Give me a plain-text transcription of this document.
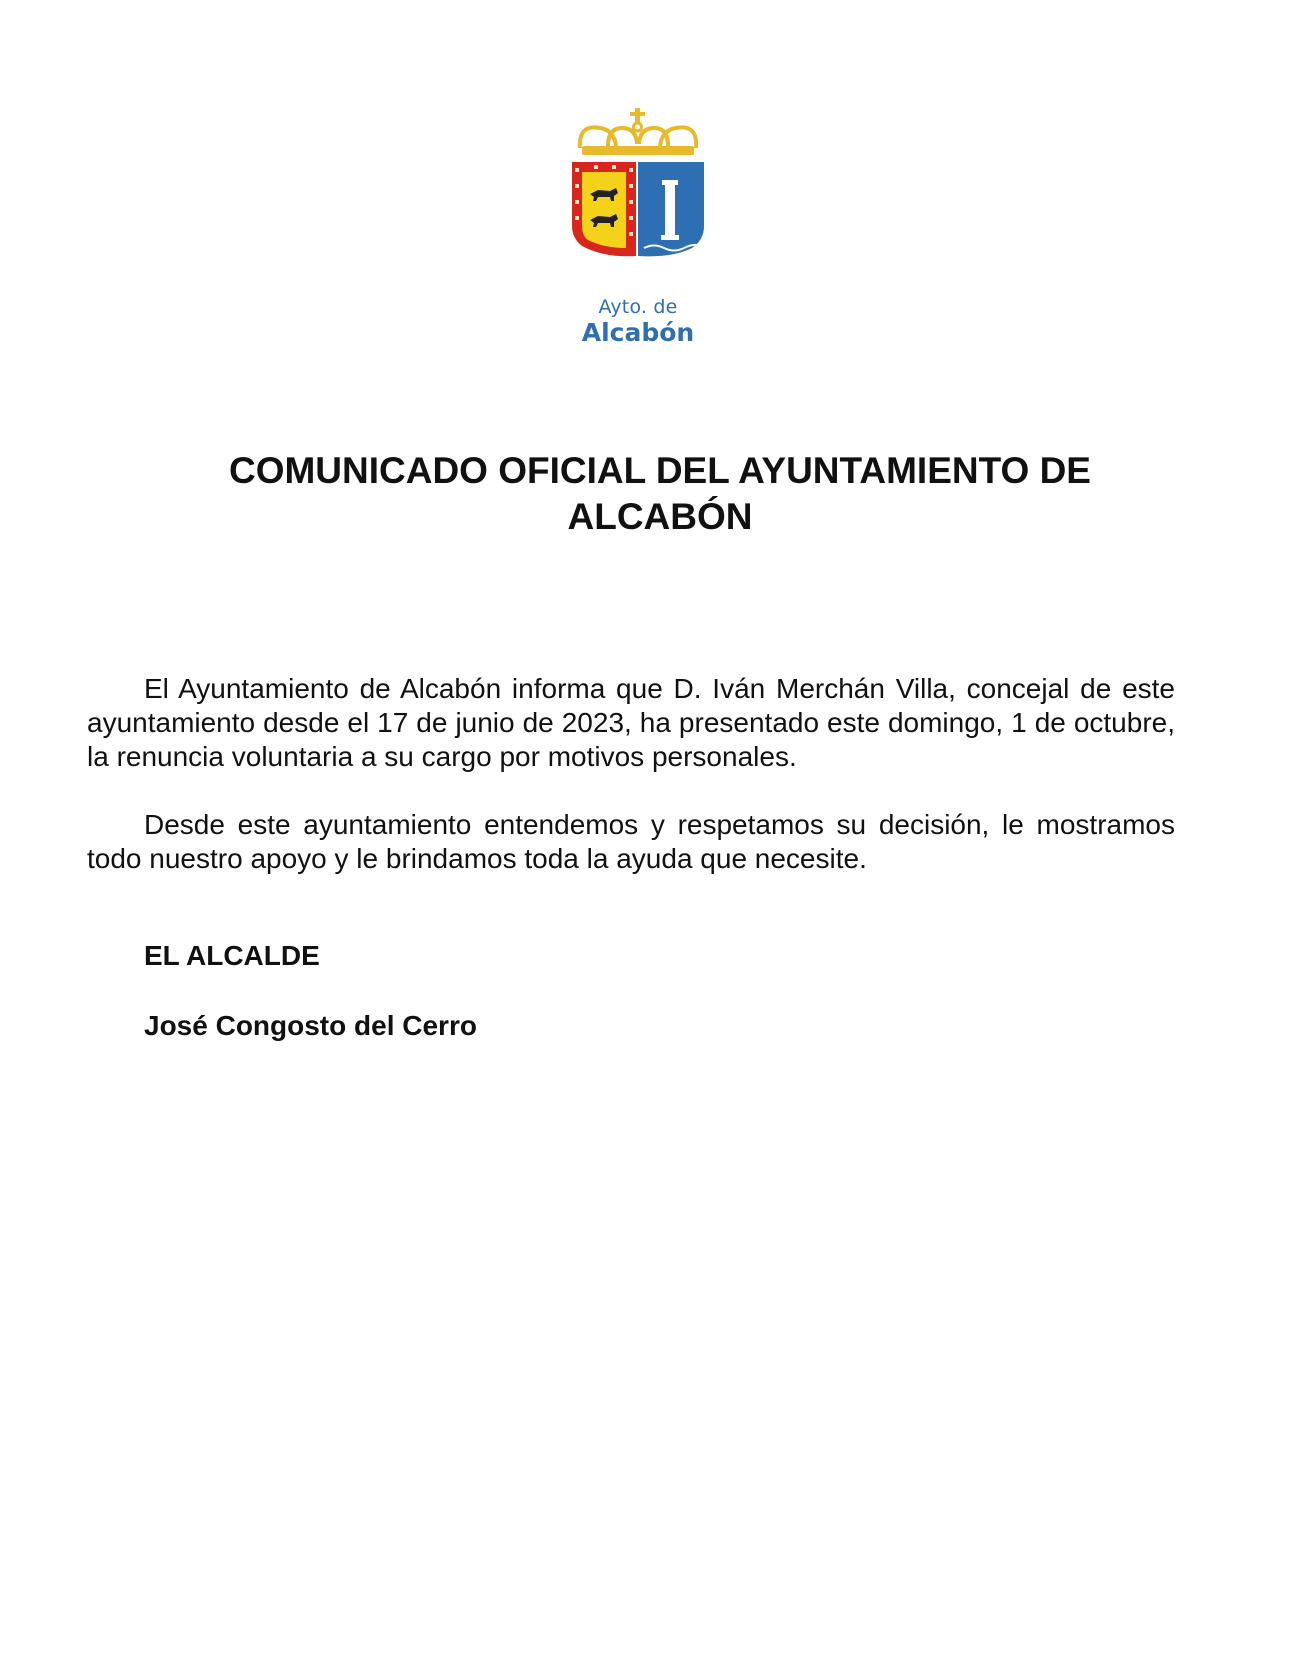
Ayto. de
Alcabón
COMUNICADO OFICIAL DEL AYUNTAMIENTO DE ALCABÓN
El Ayuntamiento de Alcabón informa que D. Iván Merchán Villa, concejal de este ayuntamiento desde el 17 de junio de 2023, ha presentado este domingo, 1 de octubre, la renuncia voluntaria a su cargo por motivos personales.
Desde este ayuntamiento entendemos y respetamos su decisión, le mostramos todo nuestro apoyo y le brindamos toda la ayuda que necesite.
EL ALCALDE
José Congosto del Cerro
